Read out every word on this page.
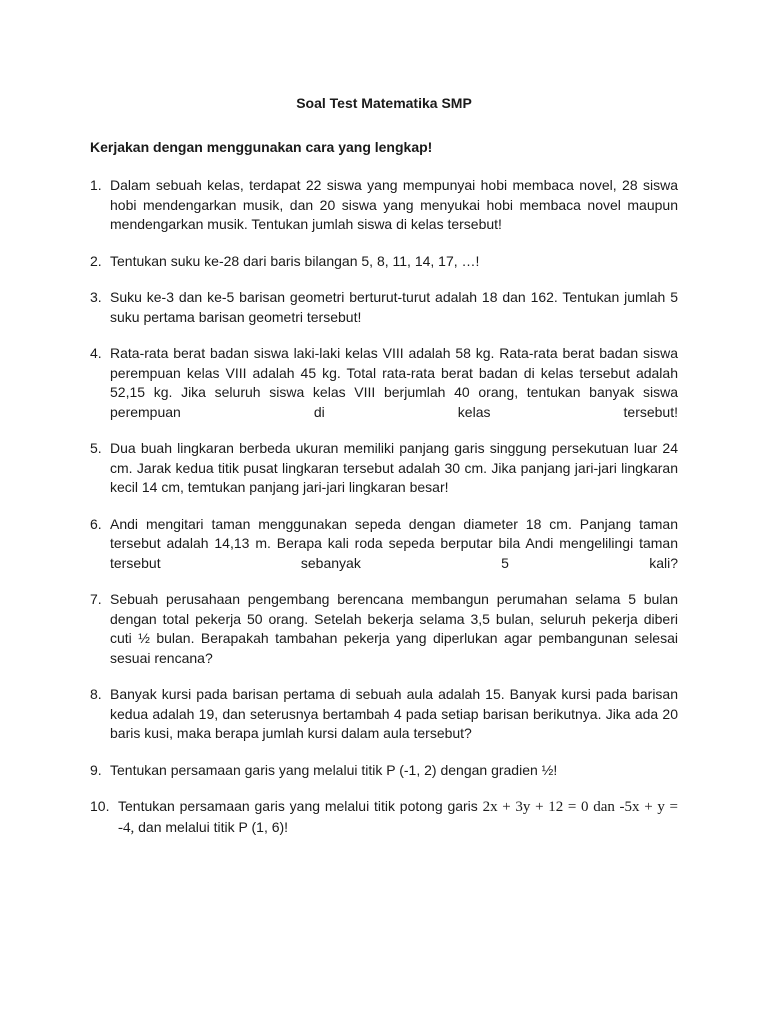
Soal Test Matematika SMP
Kerjakan dengan menggunakan cara yang lengkap!
1. Dalam sebuah kelas, terdapat 22 siswa yang mempunyai hobi membaca novel, 28 siswa hobi mendengarkan musik, dan 20 siswa yang menyukai hobi membaca novel maupun mendengarkan musik. Tentukan jumlah siswa di kelas tersebut!
2. Tentukan suku ke-28 dari baris bilangan 5, 8, 11, 14, 17, …!
3. Suku ke-3 dan ke-5 barisan geometri berturut-turut adalah 18 dan 162. Tentukan jumlah 5 suku pertama barisan geometri tersebut!
4. Rata-rata berat badan siswa laki-laki kelas VIII adalah 58 kg. Rata-rata berat badan siswa perempuan kelas VIII adalah 45 kg. Total rata-rata berat badan di kelas tersebut adalah 52,15 kg. Jika seluruh siswa kelas VIII berjumlah 40 orang, tentukan banyak siswa perempuan di kelas tersebut!
5. Dua buah lingkaran berbeda ukuran memiliki panjang garis singgung persekutuan luar 24 cm. Jarak kedua titik pusat lingkaran tersebut adalah 30 cm. Jika panjang jari-jari lingkaran kecil 14 cm, temtukan panjang jari-jari lingkaran besar!
6. Andi mengitari taman menggunakan sepeda dengan diameter 18 cm. Panjang taman tersebut adalah 14,13 m. Berapa kali roda sepeda berputar bila Andi mengelilingi taman tersebut sebanyak 5 kali?
7. Sebuah perusahaan pengembang berencana membangun perumahan selama 5 bulan dengan total pekerja 50 orang. Setelah bekerja selama 3,5 bulan, seluruh pekerja diberi cuti ½ bulan. Berapakah tambahan pekerja yang diperlukan agar pembangunan selesai sesuai rencana?
8. Banyak kursi pada barisan pertama di sebuah aula adalah 15. Banyak kursi pada barisan kedua adalah 19, dan seterusnya bertambah 4 pada setiap barisan berikutnya. Jika ada 20 baris kusi, maka berapa jumlah kursi dalam aula tersebut?
9. Tentukan persamaan garis yang melalui titik P (-1, 2) dengan gradien ½!
10. Tentukan persamaan garis yang melalui titik potong garis 2x + 3y + 12 = 0 dan -5x + y = -4, dan melalui titik P (1, 6)!
